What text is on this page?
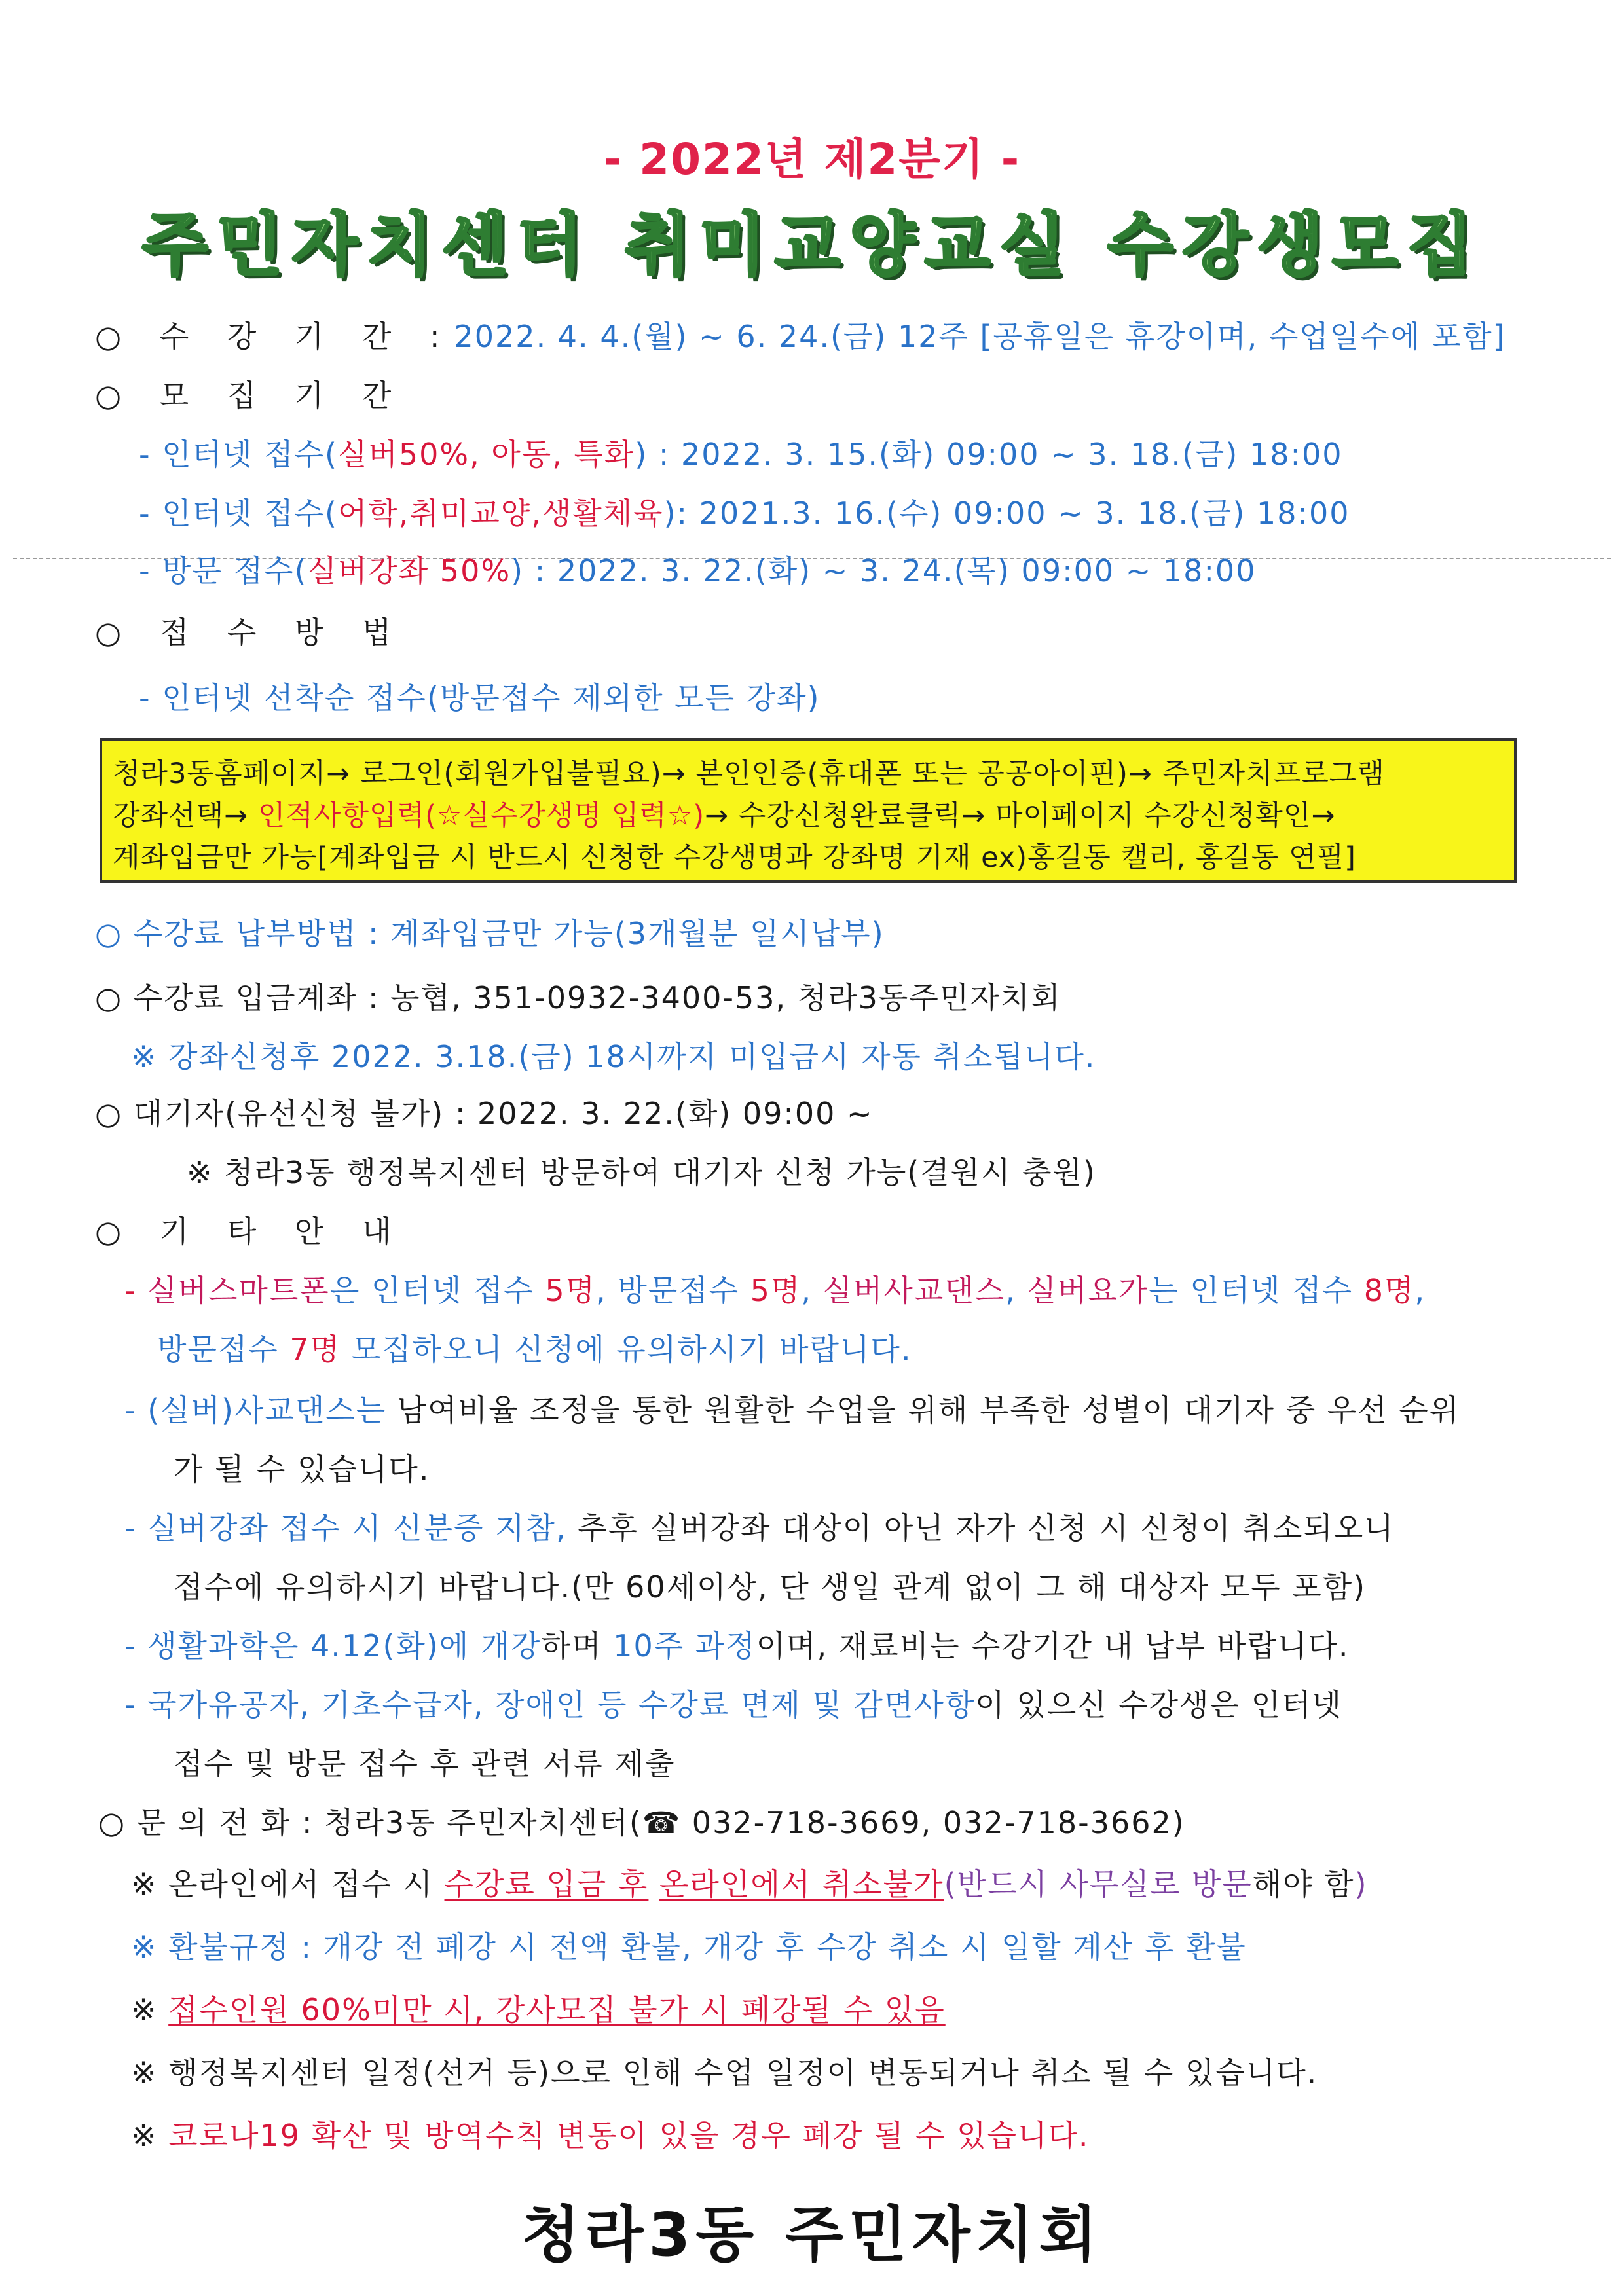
- 2022년 제2분기 -
주민자치센터 취미교양교실 수강생모집
○ 수 강 기 간 :2022. 4. 4.(월) ~ 6. 24.(금) 12주 [공휴일은 휴강이며, 수업일수에 포함]
○ 모 집 기 간
- 인터넷 접수(실버50%, 아동, 특화) : 2022. 3. 15.(화) 09:00 ~ 3. 18.(금) 18:00
- 인터넷 접수(어학,취미교양,생활체육): 2021.3. 16.(수) 09:00 ~ 3. 18.(금) 18:00
- 방문 접수(실버강좌 50%) : 2022. 3. 22.(화) ~ 3. 24.(목) 09:00 ~ 18:00
○ 접 수 방 법
- 인터넷 선착순 접수(방문접수 제외한 모든 강좌)
청라3동홈페이지→ 로그인(회원가입불필요)→ 본인인증(휴대폰 또는 공공아이핀)→ 주민자치프로그램
강좌선택→ 인적사항입력(☆실수강생명 입력☆)→ 수강신청완료클릭→ 마이페이지 수강신청확인→
계좌입금만 가능[계좌입금 시 반드시 신청한 수강생명과 강좌명 기재 ex)홍길동 캘리, 홍길동 연필]
○ 수강료 납부방법 : 계좌입금만 가능(3개월분 일시납부)
○ 수강료 입금계좌 : 농협, 351-0932-3400-53, 청라3동주민자치회
※ 강좌신청후 2022. 3.18.(금) 18시까지 미입금시 자동 취소됩니다.
○ 대기자(유선신청 불가) : 2022. 3. 22.(화) 09:00 ~
※ 청라3동 행정복지센터 방문하여 대기자 신청 가능(결원시 충원)
○ 기 타 안 내
- 실버스마트폰은 인터넷 접수 5명, 방문접수 5명, 실버사교댄스, 실버요가는 인터넷 접수 8명,
방문접수 7명 모집하오니 신청에 유의하시기 바랍니다.
- (실버)사교댄스는 남여비율 조정을 통한 원활한 수업을 위해 부족한 성별이 대기자 중 우선 순위
가 될 수 있습니다.
- 실버강좌 접수 시 신분증 지참, 추후 실버강좌 대상이 아닌 자가 신청 시 신청이 취소되오니
접수에 유의하시기 바랍니다.(만 60세이상, 단 생일 관계 없이 그 해 대상자 모두 포함)
- 생활과학은 4.12(화)에 개강하며 10주 과정이며, 재료비는 수강기간 내 납부 바랍니다.
- 국가유공자, 기초수급자, 장애인 등 수강료 면제 및 감면사항이 있으신 수강생은 인터넷
접수 및 방문 접수 후 관련 서류 제출
○ 문 의 전 화 : 청라3동 주민자치센터(☎ 032-718-3669, 032-718-3662)
※ 온라인에서 접수 시 수강료 입금 후 온라인에서 취소불가(반드시 사무실로 방문해야 함)
※ 환불규정 : 개강 전 폐강 시 전액 환불, 개강 후 수강 취소 시 일할 계산 후 환불
※ 접수인원 60%미만 시, 강사모집 불가 시 폐강될 수 있음
※ 행정복지센터 일정(선거 등)으로 인해 수업 일정이 변동되거나 취소 될 수 있습니다.
※ 코로나19 확산 및 방역수칙 변동이 있을 경우 폐강 될 수 있습니다.
청라3동 주민자치회
